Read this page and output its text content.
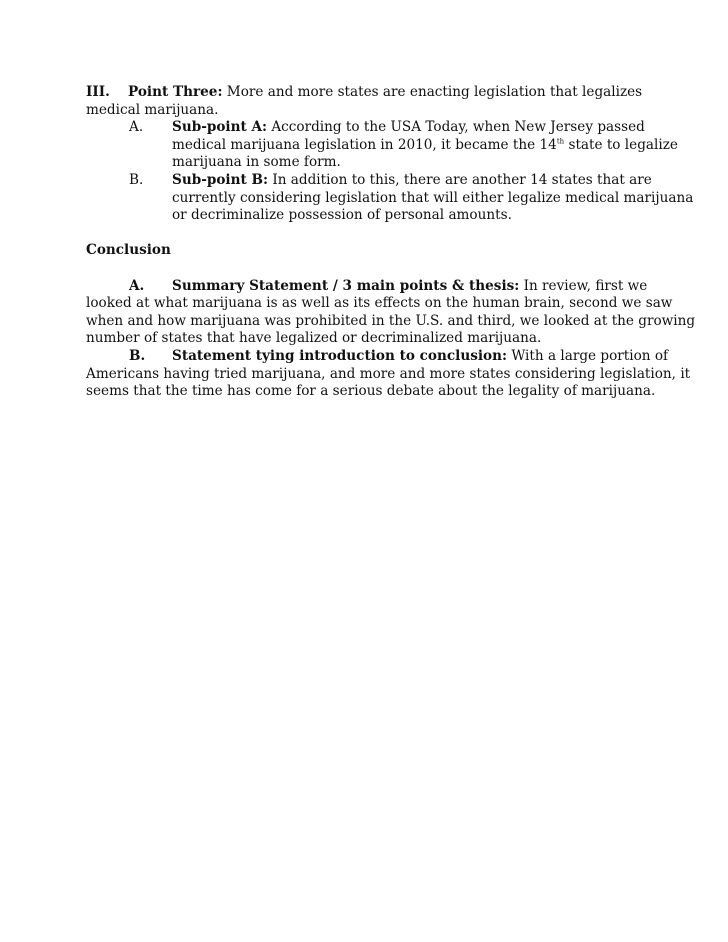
III. Point Three: More and more states are enacting legislation that legalizes
medical marijuana.
A. Sub-point A: According to the USA Today, when New Jersey passed
medical marijuana legislation in 2010, it became the 14th state to legalize
marijuana in some form.
B. Sub-point B: In addition to this, there are another 14 states that are
currently considering legislation that will either legalize medical marijuana
or decriminalize possession of personal amounts.
Conclusion
A. Summary Statement / 3 main points & thesis: In review, first we
looked at what marijuana is as well as its effects on the human brain, second we saw
when and how marijuana was prohibited in the U.S. and third, we looked at the growing
number of states that have legalized or decriminalized marijuana.
B. Statement tying introduction to conclusion: With a large portion of
Americans having tried marijuana, and more and more states considering legislation, it
seems that the time has come for a serious debate about the legality of marijuana.
